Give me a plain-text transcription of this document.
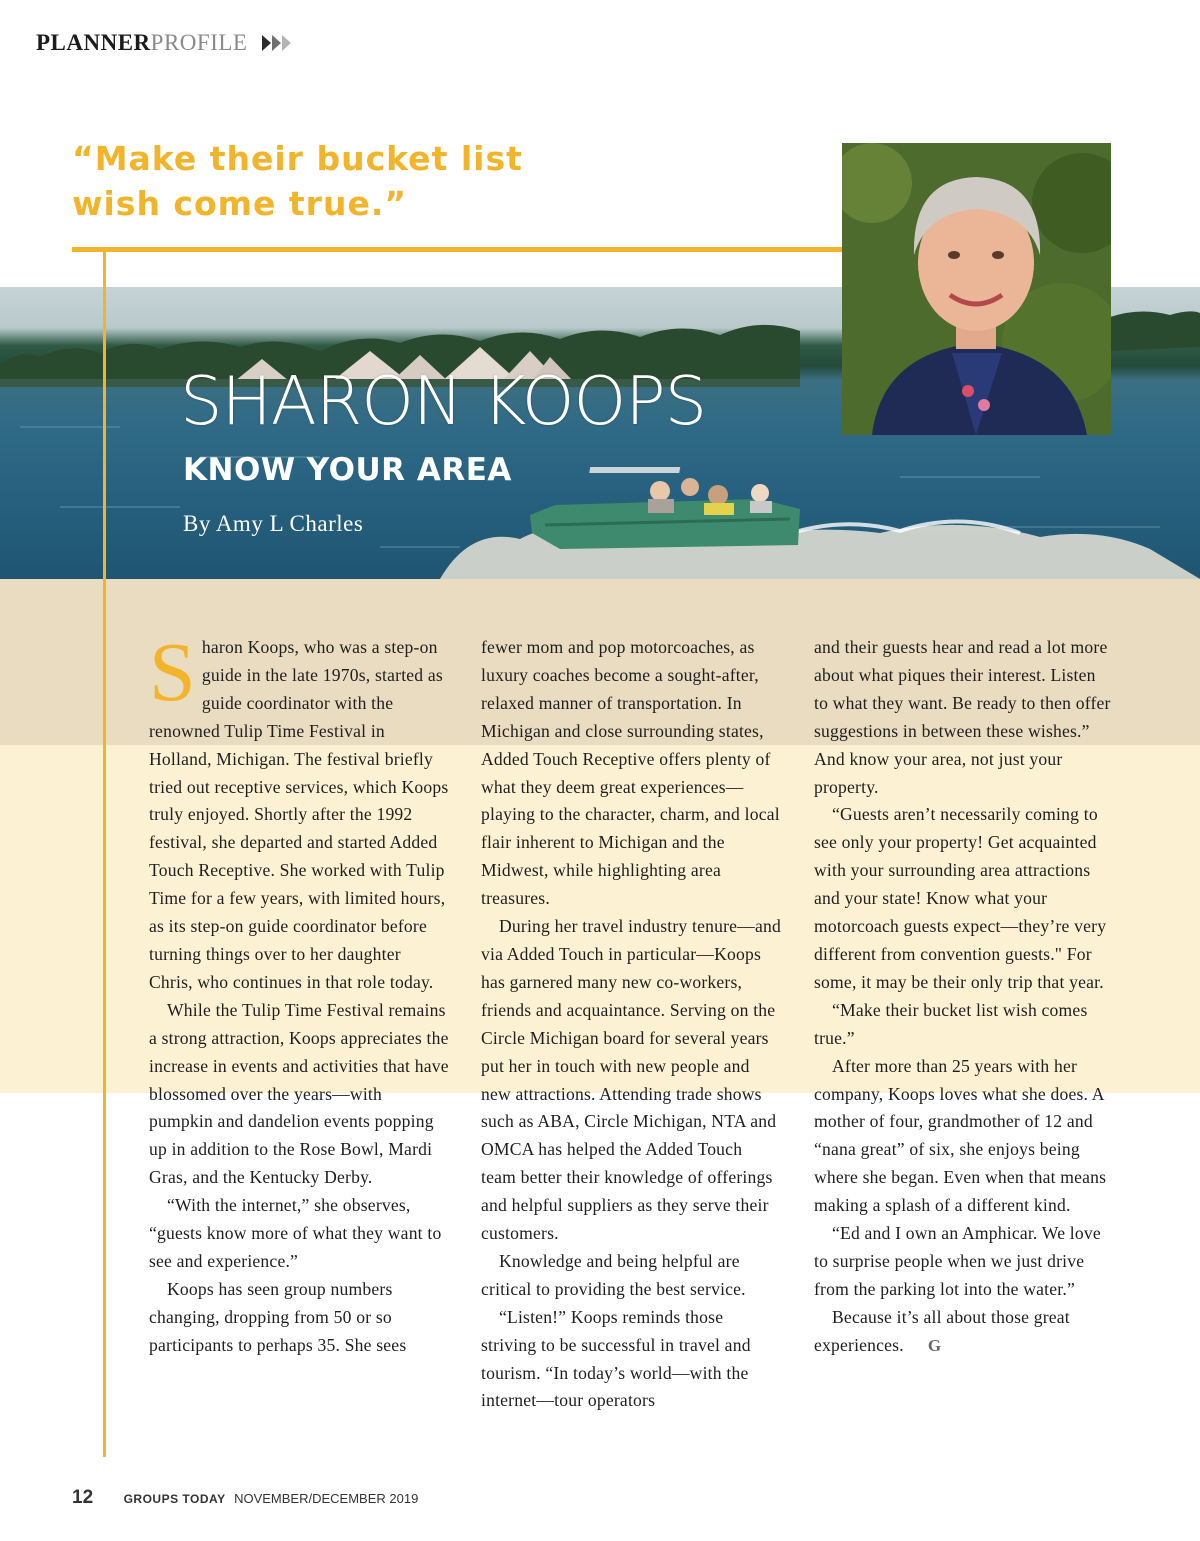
PLANNERPROFILE
“Make their bucket list
wish come true.”
SHARON KOOPS
KNOW YOUR AREA
By Amy L Charles

Sharon Koops, who was a step-on guide in the late 1970s, started as guide coordinator with the renowned Tulip Time Festival in Holland, Michigan. The festival briefly tried out receptive services, which Koops truly enjoyed. Shortly after the 1992 festival, she departed and started Added Touch Receptive. She worked with Tulip Time for a few years, with limited hours, as its step-on guide coordinator before turning things over to her daughter Chris, who continues in that role today.

While the Tulip Time Festival remains a strong attraction, Koops appreciates the increase in events and activities that have blossomed over the years—with pumpkin and dandelion events popping up in addition to the Rose Bowl, Mardi Gras, and the Kentucky Derby.

“With the internet,” she observes, “guests know more of what they want to see and experience.”

Koops has seen group numbers changing, dropping from 50 or so participants to perhaps 35. She sees

fewer mom and pop motorcoaches, as luxury coaches become a sought-after, relaxed manner of transportation. In Michigan and close surrounding states, Added Touch Receptive offers plenty of what they deem great experiences—playing to the character, charm, and local flair inherent to Michigan and the Midwest, while highlighting area treasures.

During her travel industry tenure—and via Added Touch in particular—Koops has garnered many new co-workers, friends and acquaintance. Serving on the Circle Michigan board for several years put her in touch with new people and new attractions. Attending trade shows such as ABA, Circle Michigan, NTA and OMCA has helped the Added Touch team better their knowledge of offerings and helpful suppliers as they serve their customers.

Knowledge and being helpful are critical to providing the best service.

“Listen!” Koops reminds those striving to be successful in travel and tourism. “In today’s world—with the internet—tour operators

and their guests hear and read a lot more about what piques their interest. Listen to what they want. Be ready to then offer suggestions in between these wishes.” And know your area, not just your property.

“Guests aren’t necessarily coming to see only your property! Get acquainted with your surrounding area attractions and your state! Know what your motorcoach guests expect—they’re very different from convention guests." For some, it may be their only trip that year.

“Make their bucket list wish comes true.”

After more than 25 years with her company, Koops loves what she does. A mother of four, grandmother of 12 and “nana great” of six, she enjoys being where she began. Even when that means making a splash of a different kind.

“Ed and I own an Amphicar. We love to surprise people when we just drive from the parking lot into the water.”

Because it’s all about those great experiences. G

12	GROUPS TODAY NOVEMBER/DECEMBER 2019
